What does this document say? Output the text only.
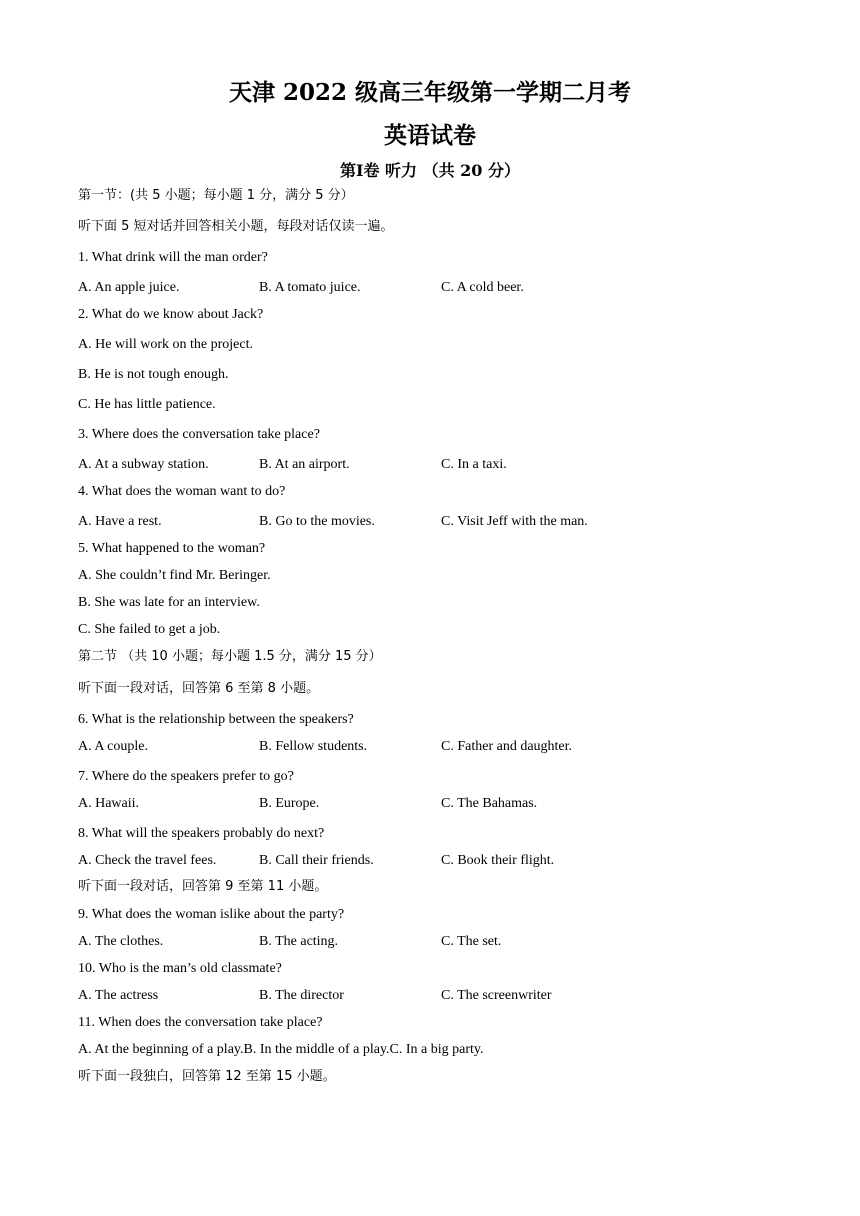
天津 2022 级高三年级第一学期二月考
英语试卷
第Ⅰ卷 听力 （共 20 分）
第一节：(共 5 小题；每小题 1 分，满分 5 分）
听下面 5 短对话并回答相关小题，每段对话仅读一遍。
1. What drink will the man order?
A. An apple juice.	B. A tomato juice.	C. A cold beer.
2. What do we know about Jack?
A. He will work on the project.
B. He is not tough enough.
C. He has little patience.
3. Where does the conversation take place?
A. At a subway station.	B. At an airport.	C. In a taxi.
4. What does the woman want to do?
A. Have a rest.	B. Go to the movies.	C. Visit Jeff with the man.
5. What happened to the woman?
A. She couldn’t find Mr. Beringer.
B. She was late for an interview.
C. She failed to get a job.
第二节 （共 10 小题；每小题 1.5 分，满分 15 分）
听下面一段对话，回答第 6 至第 8 小题。
6. What is the relationship between the speakers?
A. A couple.	B. Fellow students.	C. Father and daughter.
7. Where do the speakers prefer to go?
A. Hawaii.	B. Europe.	C. The Bahamas.
8. What will the speakers probably do next?
A. Check the travel fees.	B. Call their friends.	C. Book their flight.
听下面一段对话，回答第 9 至第 11 小题。
9. What does the woman islike about the party?
A. The clothes.	B. The acting.	C. The set.
10. Who is the man’s old classmate?
A. The actress	B. The director	C. The screenwriter
11. When does the conversation take place?
A. At the beginning of a play.B. In the middle of a play.C. In a big party.
听下面一段独白，回答第 12 至第 15 小题。
